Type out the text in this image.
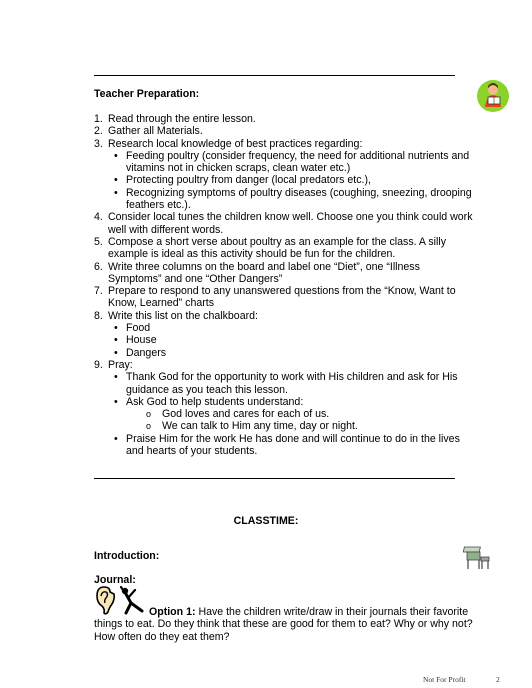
Teacher Preparation:
1. Read through the entire lesson.
2. Gather all Materials.
3. Research local knowledge of best practices regarding:
• Feeding poultry (consider frequency, the need for additional nutrients and vitamins not in chicken scraps, clean water etc.)
• Protecting poultry from danger (local predators etc.),
• Recognizing symptoms of poultry diseases (coughing, sneezing, drooping feathers etc.).
4. Consider local tunes the children know well. Choose one you think could work well with different words.
5. Compose a short verse about poultry as an example for the class. A silly example is ideal as this activity should be fun for the children.
6. Write three columns on the board and label one “Diet”, one “Illness Symptoms” and one “Other Dangers”
7. Prepare to respond to any unanswered questions from the “Know, Want to Know, Learned” charts
8. Write this list on the chalkboard:
• Food
• House
• Dangers
9. Pray:
• Thank God for the opportunity to work with His children and ask for His guidance as you teach this lesson.
• Ask God to help students understand:
o God loves and cares for each of us.
o We can talk to Him any time, day or night.
• Praise Him for the work He has done and will continue to do in the lives and hearts of your students.
CLASSTIME:
Introduction:
Journal:
Option 1: Have the children write/draw in their journals their favorite things to eat. Do they think that these are good for them to eat? Why or why not? How often do they eat them?
Not For Profit	2
